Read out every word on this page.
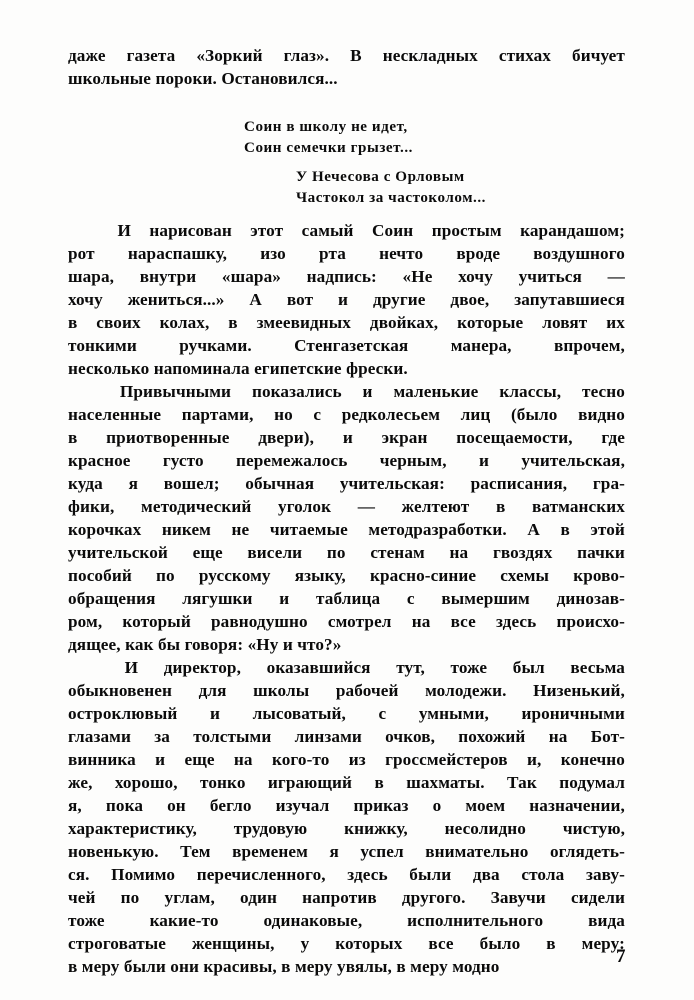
даже газета «Зоркий глаз». В нескладных стихах бичует
школьные
пороки.
Остановился...
Соин в школу не идет,
Соин семечки грызет...
У Нечесова с Орловым
Частокол за частоколом...
И нарисован этот самый Соин простым карандашом;
рот нараспашку, изо рта нечто вроде воздушного
шара, внутри «шара» надпись: «Не хочу учиться —
хочу жениться...» А вот и другие двое, запутавшиеся
в своих колах, в змеевидных двойках, которые ловят их
тонкими ручками. Стенгазетская манера, впрочем,
несколько
напоминала
египетские
фрески.
Привычными показались и маленькие классы, тесно
населенные партами, но с редколесьем лиц (было видно
в приотворенные двери), и экран посещаемости, где
красное густо перемежалось черным, и учительская,
куда я вошел; обычная учительская: расписания, гра-
фики, методический уголок — желтеют в ватманских
корочках никем не читаемые методразработки. А в этой
учительской еще висели по стенам на гвоздях пачки
пособий по русскому языку, красно-синие схемы крово-
обращения лягушки и таблица с вымершим динозав-
ром, который равнодушно смотрел на все здесь происхо-
дящее,
как
бы
говоря:
«Ну
и
что?»
И директор, оказавшийся тут, тоже был весьма
обыкновенен для школы рабочей молодежи. Низенький,
остроклювый и лысоватый, с умными, ироничными
глазами за толстыми линзами очков, похожий на Бот-
винника и еще на кого-то из гроссмейстеров и, конечно
же, хорошо, тонко играющий в шахматы. Так подумал
я, пока он бегло изучал приказ о моем назначении,
характеристику, трудовую книжку, несолидно чистую,
новенькую. Тем временем я успел внимательно оглядеть-
ся. Помимо перечисленного, здесь были два стола заву-
чей по углам, один напротив другого. Завучи сидели
тоже	какие-то	одинаковые,	исполнительного	вида
строговатые женщины, у которых все было в меру:
в
меру
были
они
красивы,
в
меру
увялы,
в
меру
модно	7
